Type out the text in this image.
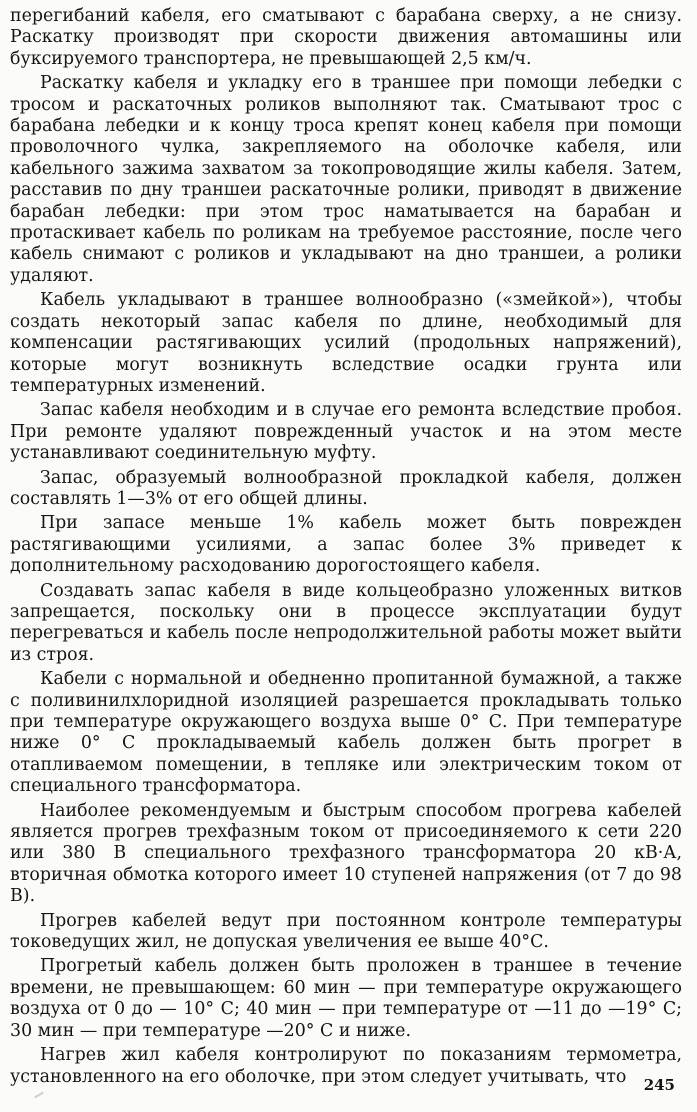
перегибаний кабеля, его сматывают с барабана сверху, а не снизу. Раскатку производят при скорости движения автомашины или буксируемого транспортера, не превышающей 2,5 км/ч.

Раскатку кабеля и укладку его в траншее при помощи лебедки с тросом и раскаточных роликов выполняют так. Сматывают трос с барабана лебедки и к концу троса крепят конец кабеля при помощи проволочного чулка, закрепляемого на оболочке кабеля, или кабельного зажима захватом за токопроводящие жилы кабеля. Затем, расставив по дну траншеи раскаточные ролики, приводят в движение барабан лебедки: при этом трос наматывается на барабан и протаскивает кабель по роликам на требуемое расстояние, после чего кабель снимают с роликов и укладывают на дно траншеи, а ролики удаляют.

Кабель укладывают в траншее волнообразно («змейкой»), чтобы создать некоторый запас кабеля по длине, необходимый для компенсации растягивающих усилий (продольных напряжений), которые могут возникнуть вследствие осадки грунта или температурных изменений.

Запас кабеля необходим и в случае его ремонта вследствие пробоя. При ремонте удаляют поврежденный участок и на этом месте устанавливают соединительную муфту.

Запас, образуемый волнообразной прокладкой кабеля, должен составлять 1—3% от его общей длины.

При запасе меньше 1% кабель может быть поврежден растягивающими усилиями, а запас более 3% приведет к дополнительному расходованию дорогостоящего кабеля.

Создавать запас кабеля в виде кольцеобразно уложенных витков запрещается, поскольку они в процессе эксплуатации будут перегреваться и кабель после непродолжительной работы может выйти из строя.

Кабели с нормальной и обедненно пропитанной бумажной, а также с поливинилхлоридной изоляцией разрешается прокладывать только при температуре окружающего воздуха выше 0° С. При температуре ниже 0° С прокладываемый кабель должен быть прогрет в отапливаемом помещении, в тепляке или электрическим током от специального трансформатора.

Наиболее рекомендуемым и быстрым способом прогрева кабелей является прогрев трехфазным током от присоединяемого к сети 220 или 380 В специального трехфазного трансформатора 20 кВ·А, вторичная обмотка которого имеет 10 ступеней напряжения (от 7 до 98 В).

Прогрев кабелей ведут при постоянном контроле температуры токоведущих жил, не допуская увеличения ее выше 40°С.

Прогретый кабель должен быть проложен в траншее в течение времени, не превышающем: 60 мин — при температуре окружающего воздуха от 0 до — 10° С; 40 мин — при температуре от —11 до —19° С; 30 мин — при температуре —20° С и ниже.

Нагрев жил кабеля контролируют по показаниям термометра, установленного на его оболочке, при этом следует учитывать, что	245
